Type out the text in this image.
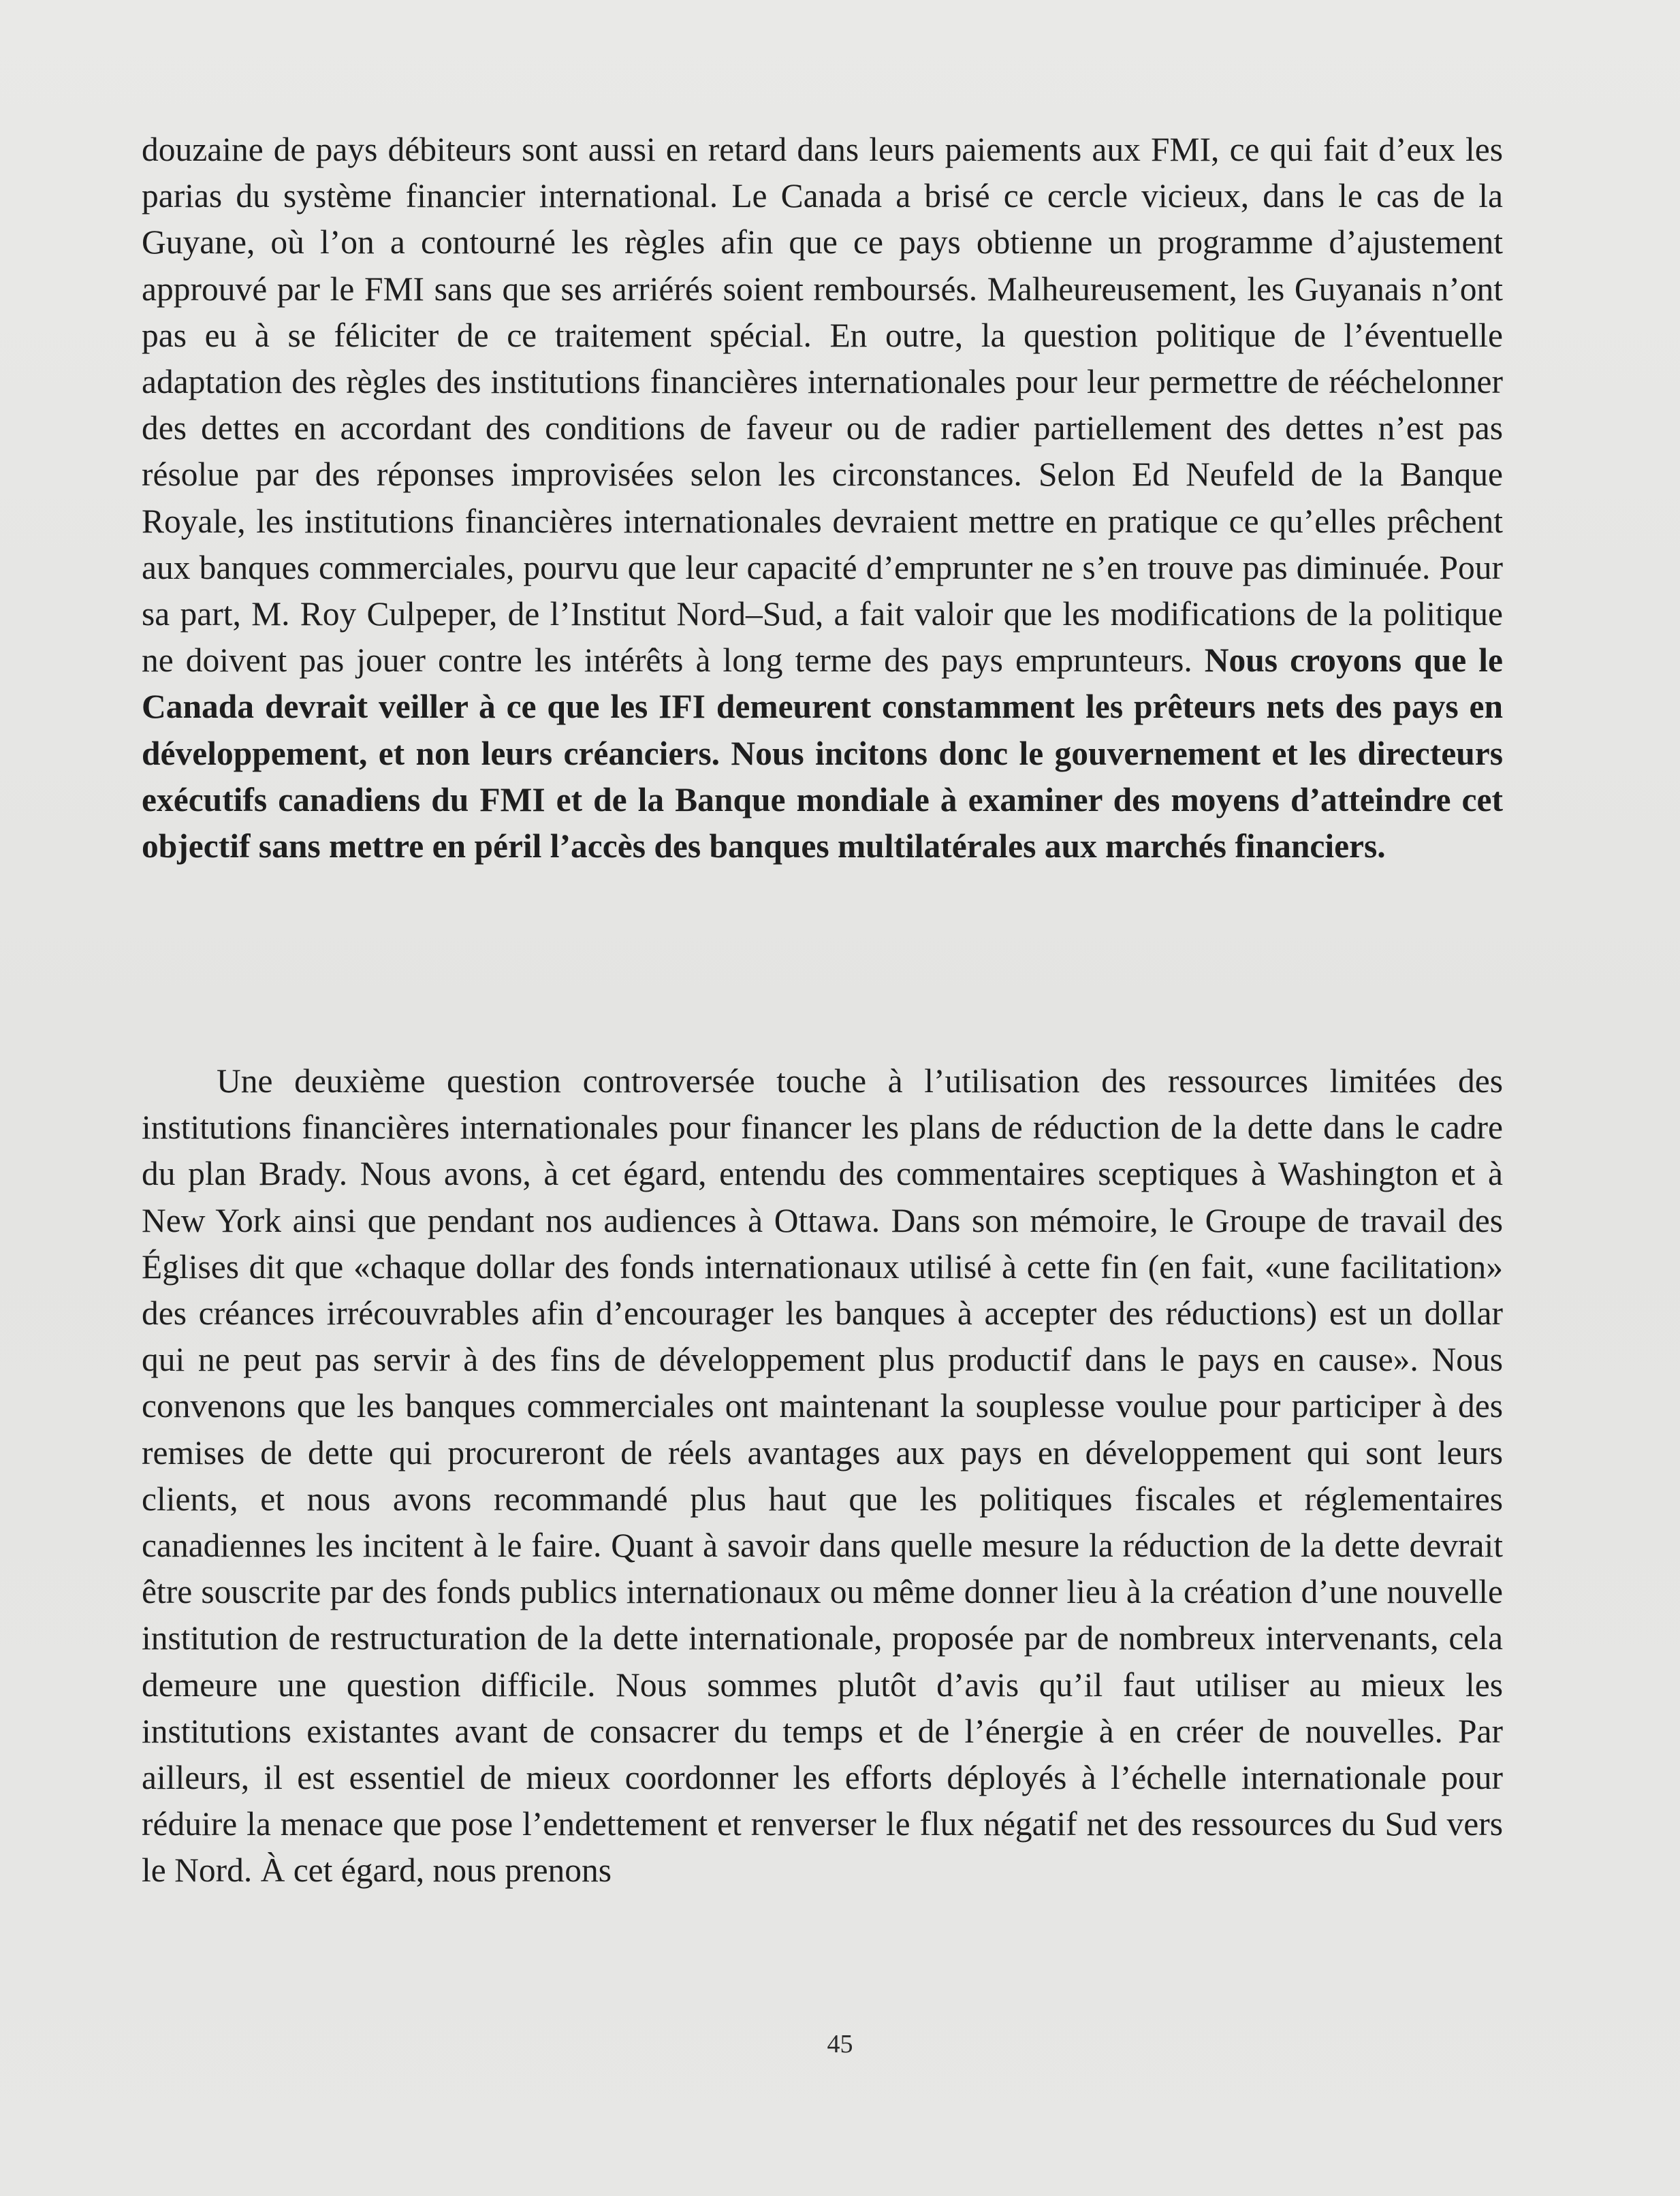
douzaine de pays débiteurs sont aussi en retard dans leurs paiements aux FMI, ce qui fait d’eux les parias du système financier international. Le Canada a brisé ce cercle vicieux, dans le cas de la Guyane, où l’on a contourné les règles afin que ce pays obtienne un programme d’ajustement approuvé par le FMI sans que ses arriérés soient remboursés. Malheureusement, les Guyanais n’ont pas eu à se féliciter de ce traitement spécial. En outre, la question politique de l’éventuelle adaptation des règles des institutions financières internationales pour leur permettre de rééchelonner des dettes en accordant des conditions de faveur ou de radier partiellement des dettes n’est pas résolue par des réponses improvisées selon les circonstances. Selon Ed Neufeld de la Banque Royale, les institutions financières internationales devraient mettre en pratique ce qu’elles prêchent aux banques commerciales, pourvu que leur capacité d’emprunter ne s’en trouve pas diminuée. Pour sa part, M. Roy Culpeper, de l’Institut Nord–Sud, a fait valoir que les modifications de la politique ne doivent pas jouer contre les intérêts à long terme des pays emprunteurs. Nous croyons que le Canada devrait veiller à ce que les IFI demeurent constamment les prêteurs nets des pays en développement, et non leurs créanciers. Nous incitons donc le gouvernement et les directeurs exécutifs canadiens du FMI et de la Banque mondiale à examiner des moyens d’atteindre cet objectif sans mettre en péril l’accès des banques multilatérales aux marchés financiers.

Une deuxième question controversée touche à l’utilisation des ressources limitées des institutions financières internationales pour financer les plans de réduction de la dette dans le cadre du plan Brady. Nous avons, à cet égard, entendu des commentaires sceptiques à Washington et à New York ainsi que pendant nos audiences à Ottawa. Dans son mémoire, le Groupe de travail des Églises dit que «chaque dollar des fonds internationaux utilisé à cette fin (en fait, «une facilitation» des créances irrécouvrables afin d’encourager les banques à accepter des réductions) est un dollar qui ne peut pas servir à des fins de développement plus productif dans le pays en cause». Nous convenons que les banques commerciales ont maintenant la souplesse voulue pour participer à des remises de dette qui procureront de réels avantages aux pays en développement qui sont leurs clients, et nous avons recommandé plus haut que les politiques fiscales et réglementaires canadiennes les incitent à le faire. Quant à savoir dans quelle mesure la réduction de la dette devrait être souscrite par des fonds publics internationaux ou même donner lieu à la création d’une nouvelle institution de restructuration de la dette internationale, proposée par de nombreux intervenants, cela demeure une question difficile. Nous sommes plutôt d’avis qu’il faut utiliser au mieux les institutions existantes avant de consacrer du temps et de l’énergie à en créer de nouvelles. Par ailleurs, il est essentiel de mieux coordonner les efforts déployés à l’échelle internationale pour réduire la menace que pose l’endettement et renverser le flux négatif net des ressources du Sud vers le Nord. À cet égard, nous prenons

45
